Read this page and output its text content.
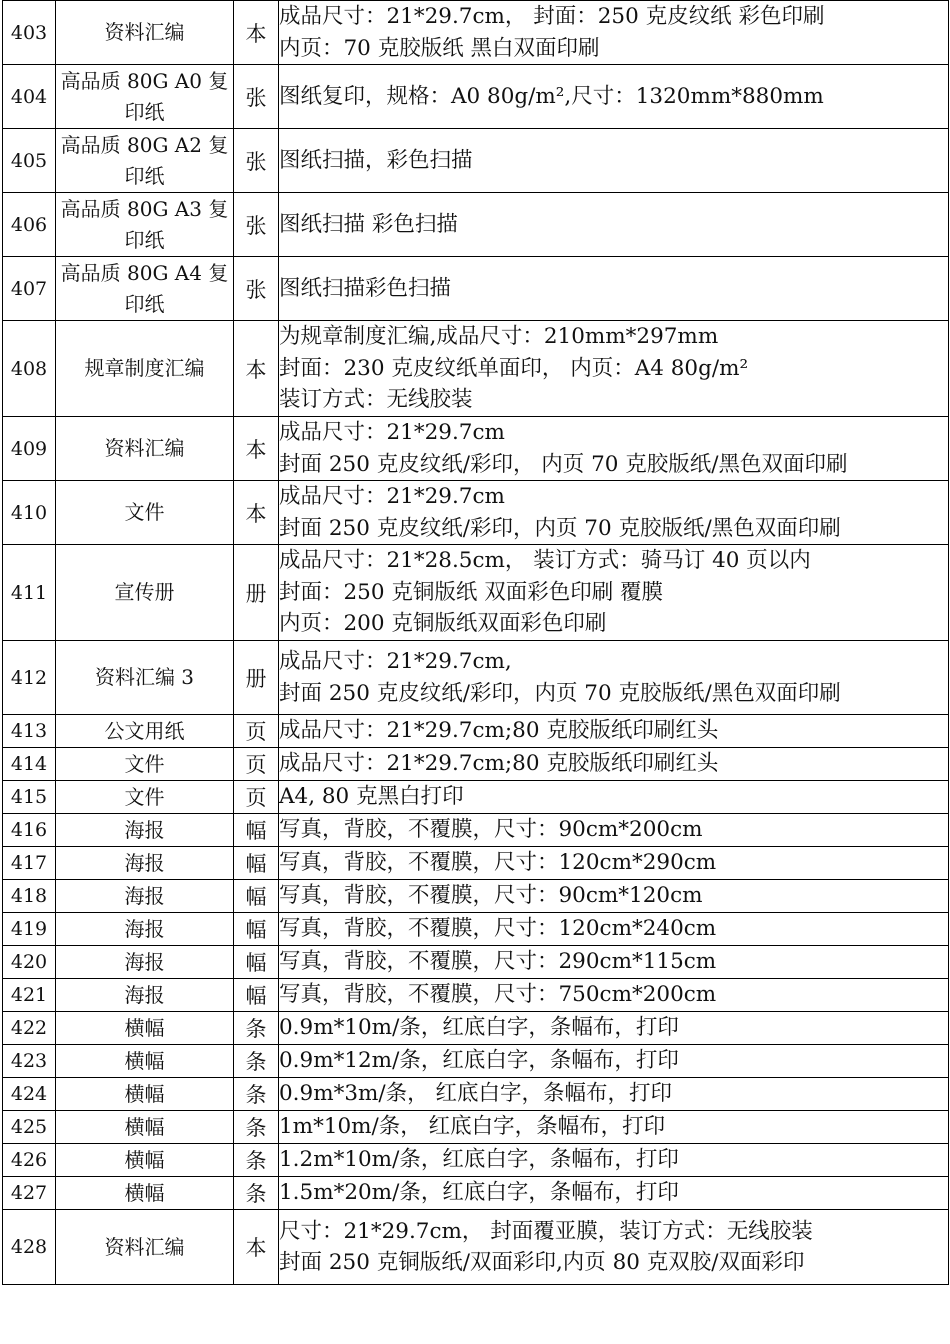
403	资料汇编	本	成品尺寸：21*29.7cm， 封面：250 克皮纹纸 彩色印刷
内页：70 克胶版纸 黑白双面印刷

404	高品质 80G A0 复
印纸	张	图纸复印，规格：A0 80g/m²,尺寸：1320mm*880mm

405	高品质 80G A2 复
印纸	张	图纸扫描，彩色扫描

406	高品质 80G A3 复
印纸	张	图纸扫描 彩色扫描

407	高品质 80G A4 复
印纸	张	图纸扫描彩色扫描

408	规章制度汇编	本	为规章制度汇编,成品尺寸：210mm*297mm
封面：230 克皮纹纸单面印， 内页：A4 80g/m²
装订方式：无线胶装

409	资料汇编	本	成品尺寸：21*29.7cm
封面 250 克皮纹纸/彩印， 内页 70 克胶版纸/黑色双面印刷

410	文件	本	成品尺寸：21*29.7cm
封面 250 克皮纹纸/彩印，内页 70 克胶版纸/黑色双面印刷

411	宣传册	册	成品尺寸：21*28.5cm， 装订方式：骑马订 40 页以内
封面：250 克铜版纸 双面彩色印刷 覆膜
内页：200 克铜版纸双面彩色印刷

412	资料汇编 3	册	成品尺寸：21*29.7cm,
封面 250 克皮纹纸/彩印，内页 70 克胶版纸/黑色双面印刷

413	公文用纸	页	成品尺寸：21*29.7cm;80 克胶版纸印刷红头

414	文件	页	成品尺寸：21*29.7cm;80 克胶版纸印刷红头

415	文件	页	A4, 80 克黑白打印

416	海报	幅	写真，背胶，不覆膜，尺寸：90cm*200cm

417	海报	幅	写真，背胶，不覆膜，尺寸：120cm*290cm

418	海报	幅	写真，背胶，不覆膜，尺寸：90cm*120cm

419	海报	幅	写真，背胶，不覆膜，尺寸：120cm*240cm

420	海报	幅	写真，背胶，不覆膜，尺寸：290cm*115cm

421	海报	幅	写真，背胶，不覆膜，尺寸：750cm*200cm

422	横幅	条	0.9m*10m/条，红底白字，条幅布，打印

423	横幅	条	0.9m*12m/条，红底白字，条幅布，打印

424	横幅	条	0.9m*3m/条， 红底白字，条幅布，打印

425	横幅	条	1m*10m/条， 红底白字，条幅布，打印

426	横幅	条	1.2m*10m/条，红底白字，条幅布，打印

427	横幅	条	1.5m*20m/条，红底白字，条幅布，打印

428	资料汇编	本	尺寸：21*29.7cm， 封面覆亚膜，装订方式：无线胶装
封面 250 克铜版纸/双面彩印,内页 80 克双胶/双面彩印
